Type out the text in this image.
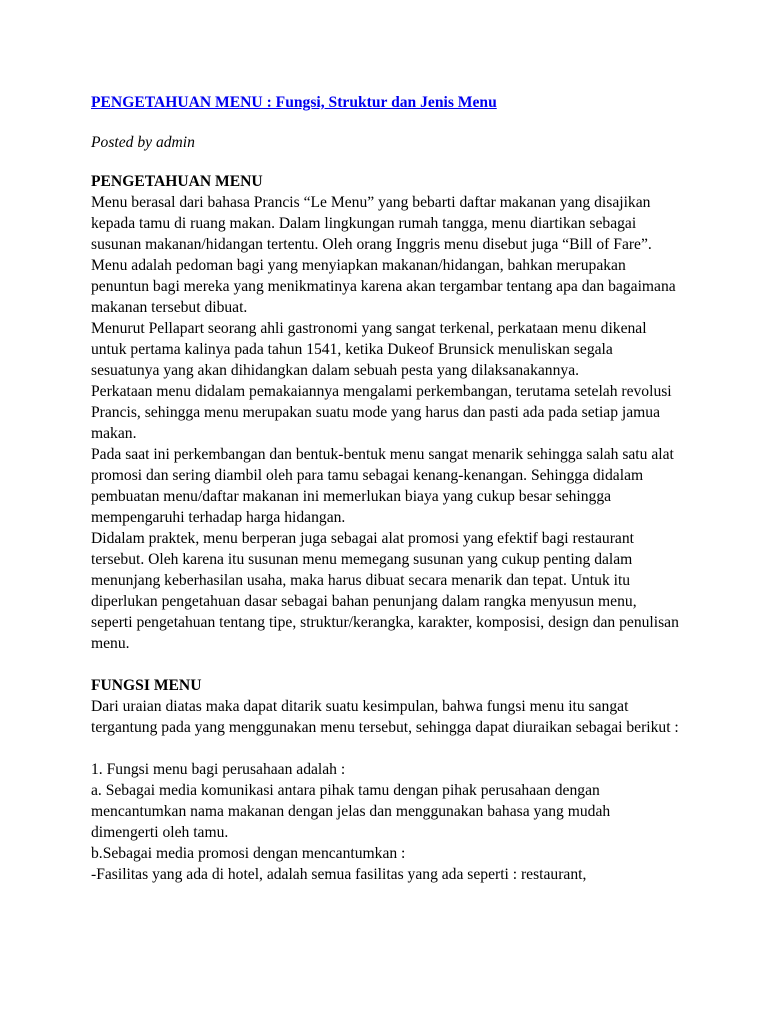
PENGETAHUAN MENU : Fungsi, Struktur dan Jenis Menu
Posted by admin
PENGETAHUAN MENU

Menu berasal dari bahasa Prancis “Le Menu” yang bebarti daftar makanan yang disajikan kepada tamu di ruang makan. Dalam lingkungan rumah tangga, menu diartikan sebagai susunan makanan/hidangan tertentu. Oleh orang Inggris menu disebut juga “Bill of Fare”. Menu adalah pedoman bagi yang menyiapkan makanan/hidangan, bahkan merupakan penuntun bagi mereka yang menikmatinya karena akan tergambar tentang apa dan bagaimana makanan tersebut dibuat.

Menurut Pellapart seorang ahli gastronomi yang sangat terkenal, perkataan menu dikenal untuk pertama kalinya pada tahun 1541, ketika Dukeof Brunsick menuliskan segala sesuatunya yang akan dihidangkan dalam sebuah pesta yang dilaksanakannya.

Perkataan menu didalam pemakaiannya mengalami perkembangan, terutama setelah revolusi Prancis, sehingga menu merupakan suatu mode yang harus dan pasti ada pada setiap jamua makan.

Pada saat ini perkembangan dan bentuk-bentuk menu sangat menarik sehingga salah satu alat promosi dan sering diambil oleh para tamu sebagai kenang-kenangan. Sehingga didalam pembuatan menu/daftar makanan ini memerlukan biaya yang cukup besar sehingga mempengaruhi terhadap harga hidangan.

Didalam praktek, menu berperan juga sebagai alat promosi yang efektif bagi restaurant tersebut. Oleh karena itu susunan menu memegang susunan yang cukup penting dalam menunjang keberhasilan usaha, maka harus dibuat secara menarik dan tepat. Untuk itu diperlukan pengetahuan dasar sebagai bahan penunjang dalam rangka menyusun menu, seperti pengetahuan tentang tipe, struktur/kerangka, karakter, komposisi, design dan penulisan menu.

FUNGSI MENU

Dari uraian diatas maka dapat ditarik suatu kesimpulan, bahwa fungsi menu itu sangat tergantung pada yang menggunakan menu tersebut, sehingga dapat diuraikan sebagai berikut :

1. Fungsi menu bagi perusahaan adalah :

a. Sebagai media komunikasi antara pihak tamu dengan pihak perusahaan dengan mencantumkan nama makanan dengan jelas dan menggunakan bahasa yang mudah dimengerti oleh tamu.

b.Sebagai media promosi dengan mencantumkan :

-Fasilitas yang ada di hotel, adalah semua fasilitas yang ada seperti : restaurant,
